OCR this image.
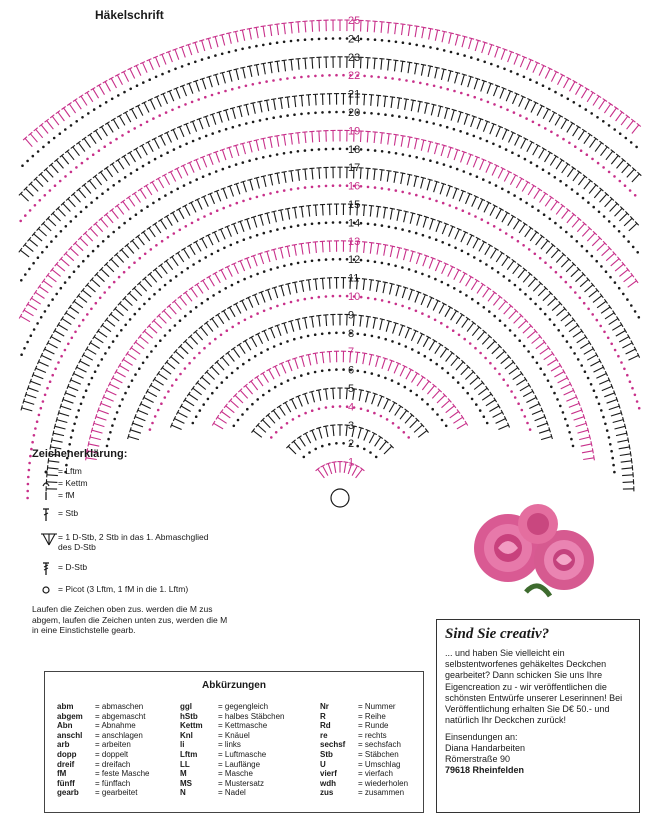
Häkelschrift
1
2
3
4
5
6
7
8
9
10
11
12
13
14
15
16
17
18
19
20
21
22
23
24
25
Zeichenerklärung:
= Lftm
= Kettm
= fM
= Stb
= 1 D-Stb, 2 Stb in das 1. Abmaschglied
des D-Stb
= D-Stb
= Picot (3 Lftm, 1 fM in die 1. Lftm)
Laufen die Zeichen oben zus. werden die M zus abgem, laufen die Zeichen unten zus, werden die M in eine Einstichstelle gearb.
Abkürzungen
abm	= abmaschen
abgem	= abgemascht
Abn	= Abnahme
anschl	= anschlagen
arb	= arbeiten
dopp	= doppelt
dreif	= dreifach
fM	= feste Masche
fünff	= fünffach
gearb	= gearbeitet
ggl	= gegengleich
hStb	= halbes Stäbchen
Kettm	= Kettmasche
Knl	= Knäuel
li	= links
Lftm	= Luftmasche
LL	= Lauflänge
M	= Masche
MS	= Mustersatz
N	= Nadel
Nr	= Nummer
R	= Reihe
Rd	= Runde
re	= rechts
sechsf	= sechsfach
Stb	= Stäbchen
U	= Umschlag
vierf	= vierfach
wdh	= wiederholen
zus	= zusammen
Sind Sie creativ?
... und haben Sie vielleicht ein selbstentworfenes gehäkeltes Deckchen gearbeitet? Dann schicken Sie uns Ihre Eigencreation zu - wir veröffentlichen die schönsten Entwürfe unserer Leserinnen! Bei Veröffentlichung erhalten Sie D€ 50.- und natürlich Ihr Deckchen zurück!
Einsendungen an:
Diana Handarbeiten
Römerstraße 90
79618 Rheinfelden
